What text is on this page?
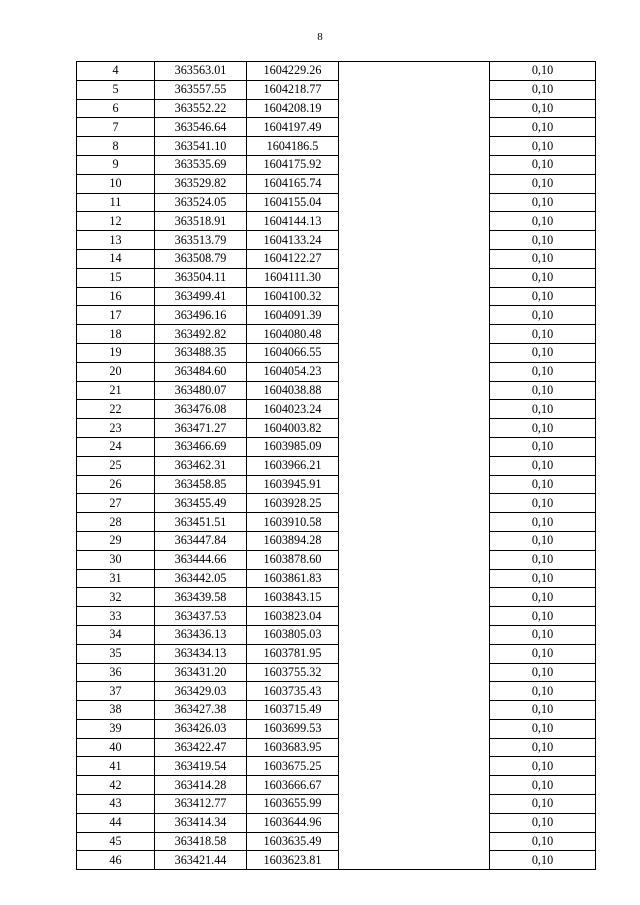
8
4	363563.01	1604229.26		0,10
5	363557.55	1604218.77		0,10
6	363552.22	1604208.19		0,10
7	363546.64	1604197.49		0,10
8	363541.10	1604186.5		0,10
9	363535.69	1604175.92		0,10
10	363529.82	1604165.74		0,10
11	363524.05	1604155.04		0,10
12	363518.91	1604144.13		0,10
13	363513.79	1604133.24		0,10
14	363508.79	1604122.27		0,10
15	363504.11	1604111.30		0,10
16	363499.41	1604100.32		0,10
17	363496.16	1604091.39		0,10
18	363492.82	1604080.48		0,10
19	363488.35	1604066.55		0,10
20	363484.60	1604054.23		0,10
21	363480.07	1604038.88		0,10
22	363476.08	1604023.24		0,10
23	363471.27	1604003.82		0,10
24	363466.69	1603985.09		0,10
25	363462.31	1603966.21		0,10
26	363458.85	1603945.91		0,10
27	363455.49	1603928.25		0,10
28	363451.51	1603910.58		0,10
29	363447.84	1603894.28		0,10
30	363444.66	1603878.60		0,10
31	363442.05	1603861.83		0,10
32	363439.58	1603843.15		0,10
33	363437.53	1603823.04		0,10
34	363436.13	1603805.03		0,10
35	363434.13	1603781.95		0,10
36	363431.20	1603755.32		0,10
37	363429.03	1603735.43		0,10
38	363427.38	1603715.49		0,10
39	363426.03	1603699.53		0,10
40	363422.47	1603683.95		0,10
41	363419.54	1603675.25		0,10
42	363414.28	1603666.67		0,10
43	363412.77	1603655.99		0,10
44	363414.34	1603644.96		0,10
45	363418.58	1603635.49		0,10
46	363421.44	1603623.81		0,10
